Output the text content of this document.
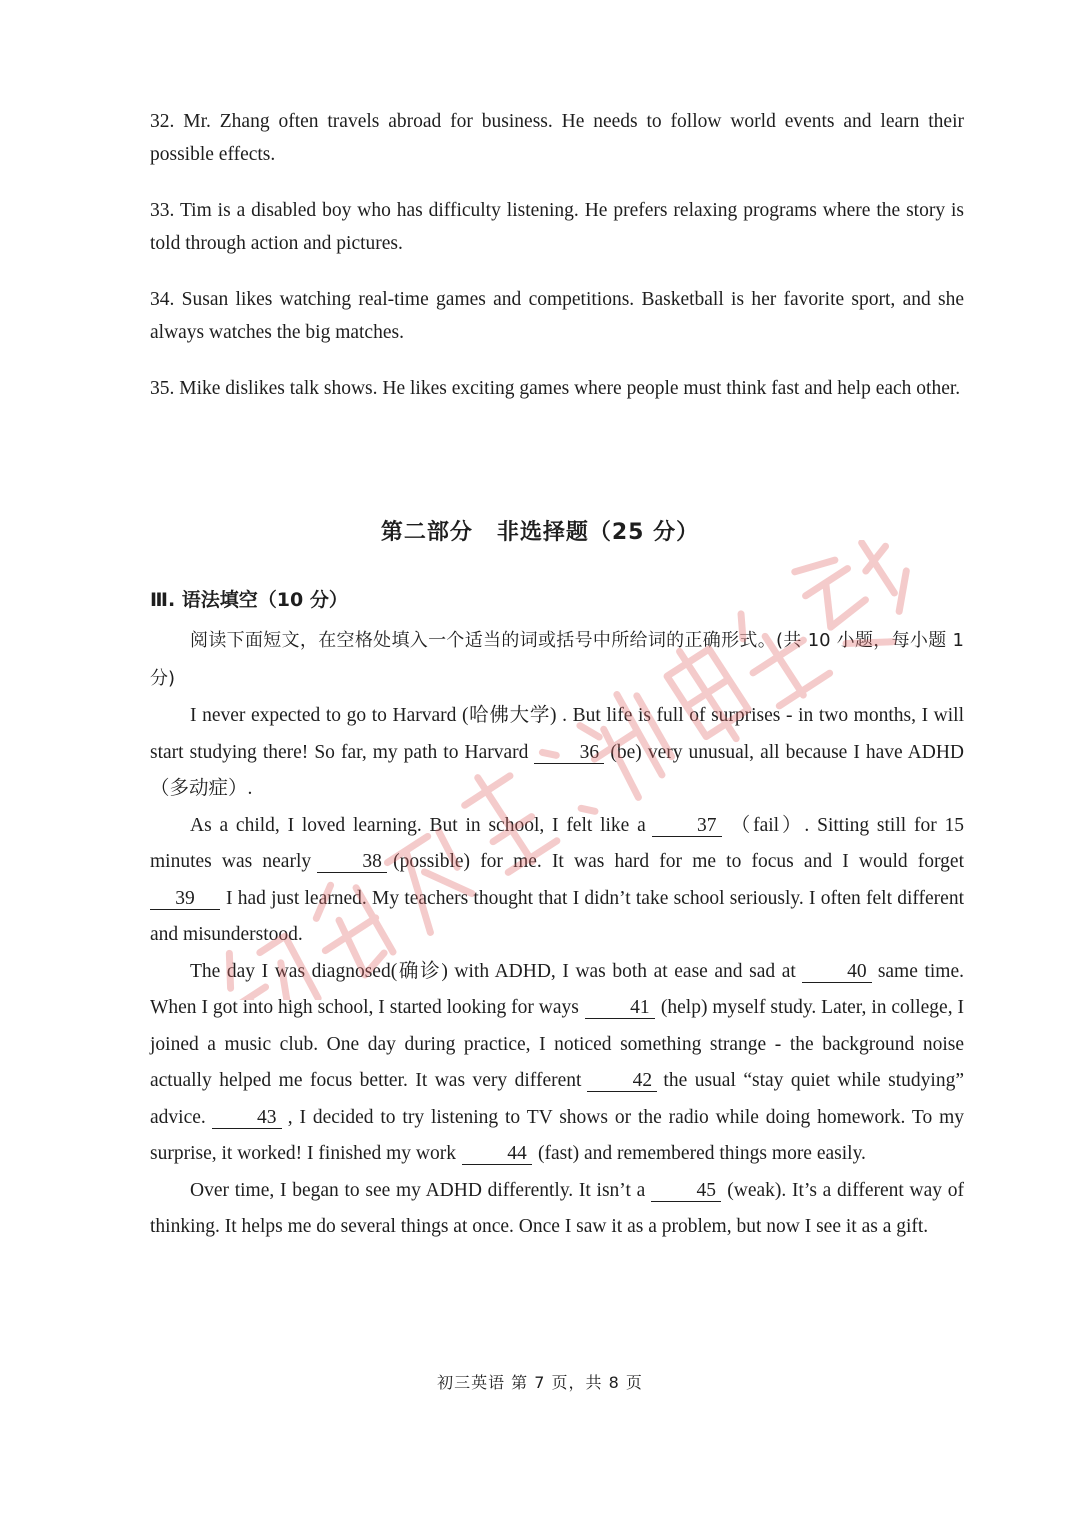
32. Mr. Zhang often travels abroad for business. He needs to follow world events and learn their possible effects.
33. Tim is a disabled boy who has difficulty listening. He prefers relaxing programs where the story is told through action and pictures.
34. Susan likes watching real-time games and competitions. Basketball is her favorite sport, and she always watches the big matches.
35. Mike dislikes talk shows. He likes exciting games where people must think fast and help each other.
第二部分 非选择题（25 分）
Ⅲ. 语法填空（10 分）
阅读下面短文，在空格处填入一个适当的词或括号中所给词的正确形式。(共 10 小题，每小题 1 分)

I never expected to go to Harvard (哈佛大学) . But life is full of surprises - in two months, I will start studying there! So far, my path to Harvard	36 (be) very unusual, all because I have ADHD（多动症）.

As a child, I loved learning. But in school, I felt like a	37 （fail）. Sitting still for 15 minutes was nearly	38 (possible) for me. It was hard for me to focus and I would forget 39 I had just learned. My teachers thought that I didn’t take school seriously. I often felt different and misunderstood.

The day I was diagnosed(确诊) with ADHD, I was both at ease and sad at	40 same time. When I got into high school, I started looking for ways	41 (help) myself study. Later, in college, I joined a music club. One day during practice, I noticed something strange - the background noise actually helped me focus better. It was very different	42 the usual “stay quiet while studying” advice.	43 , I decided to try listening to TV shows or the radio while doing homework. To my surprise, it worked! I finished my work	44 (fast) and remembered things more easily.

Over time, I began to see my ADHD differently. It isn’t a	45 (weak). It’s a different way of thinking. It helps me do several things at once. Once I saw it as a problem, but now I see it as a gift.

初三英语 第 7 页，共 8 页
